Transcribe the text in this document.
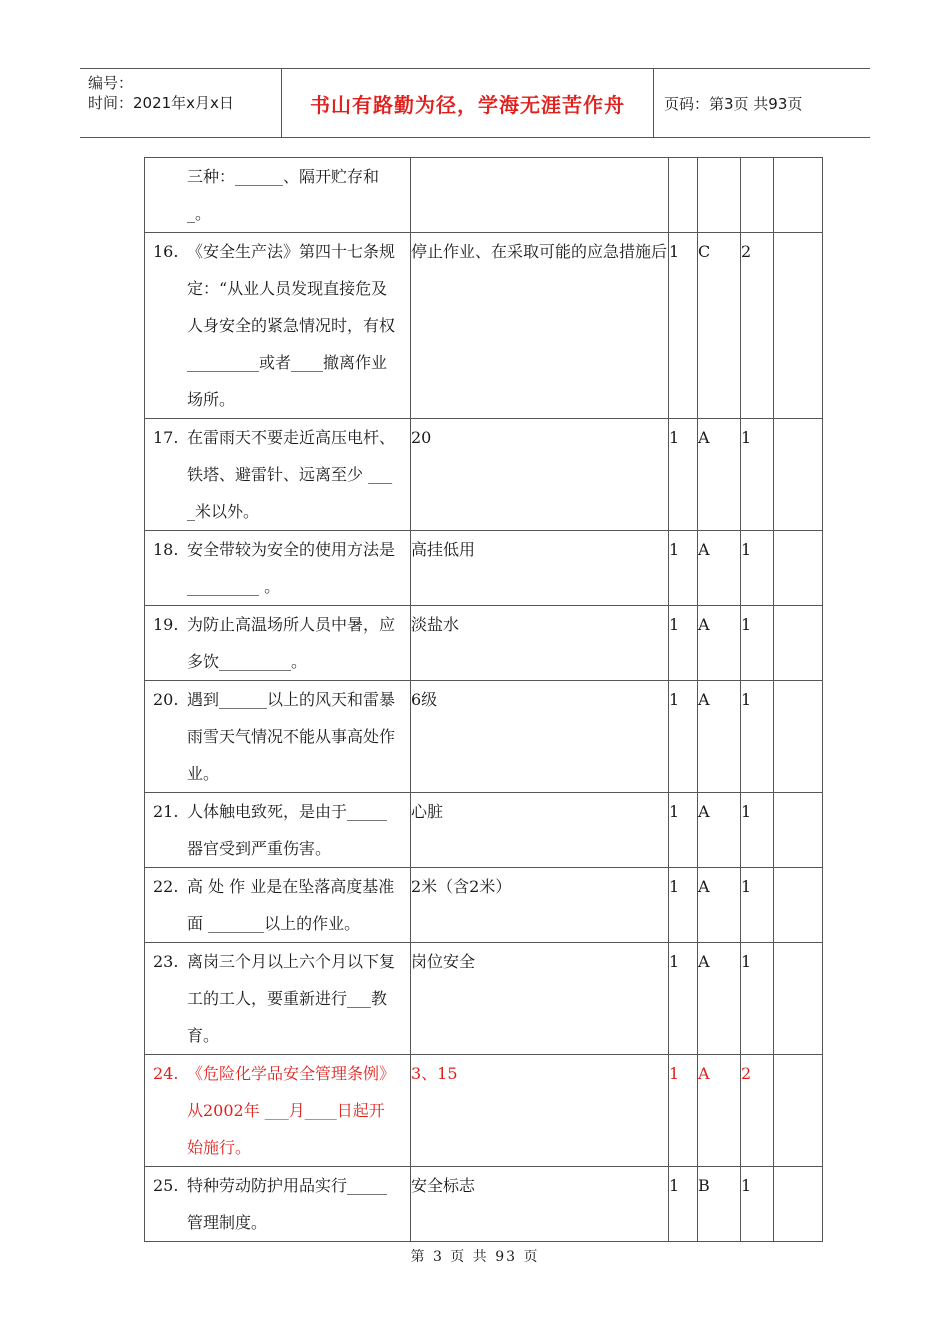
编号：
时间：2021年x月x日	书山有路勤为径，学海无涯苦作舟	页码：第3页 共93页
三种：______、隔开贮存和_。					

16. 《安全生产法》第四十七条规定：“从业人员发现直接危及人身安全的紧急情况时，有权_________或者____撤离作业场所。	停止作业、在采取可能的应急措施后	1	C	2	

17. 在雷雨天不要走近高压电杆、铁塔、避雷针、远离至少 ____米以外。	20	1	A	1	

18. 安全带较为安全的使用方法是_________ 。	高挂低用	1	A	1	

19. 为防止高温场所人员中暑，应多饮_________。	淡盐水	1	A	1	

20. 遇到______以上的风天和雷暴雨雪天气情况不能从事高处作业。	6级	1	A	1	

21. 人体触电致死，是由于_____器官受到严重伤害。	心脏	1	A	1	

22. 高 处 作 业是在坠落高度基准面 _______以上的作业。	2米（含2米）	1	A	1	

23. 离岗三个月以上六个月以下复工的工人，要重新进行___教育。	岗位安全	1	A	1	

24. 《危险化学品安全管理条例》从2002年 ___月____日起开始施行。	3、15	1	A	2	

25. 特种劳动防护用品实行_____管理制度。	安全标志	1	B	1	
第 3 页 共 93 页
